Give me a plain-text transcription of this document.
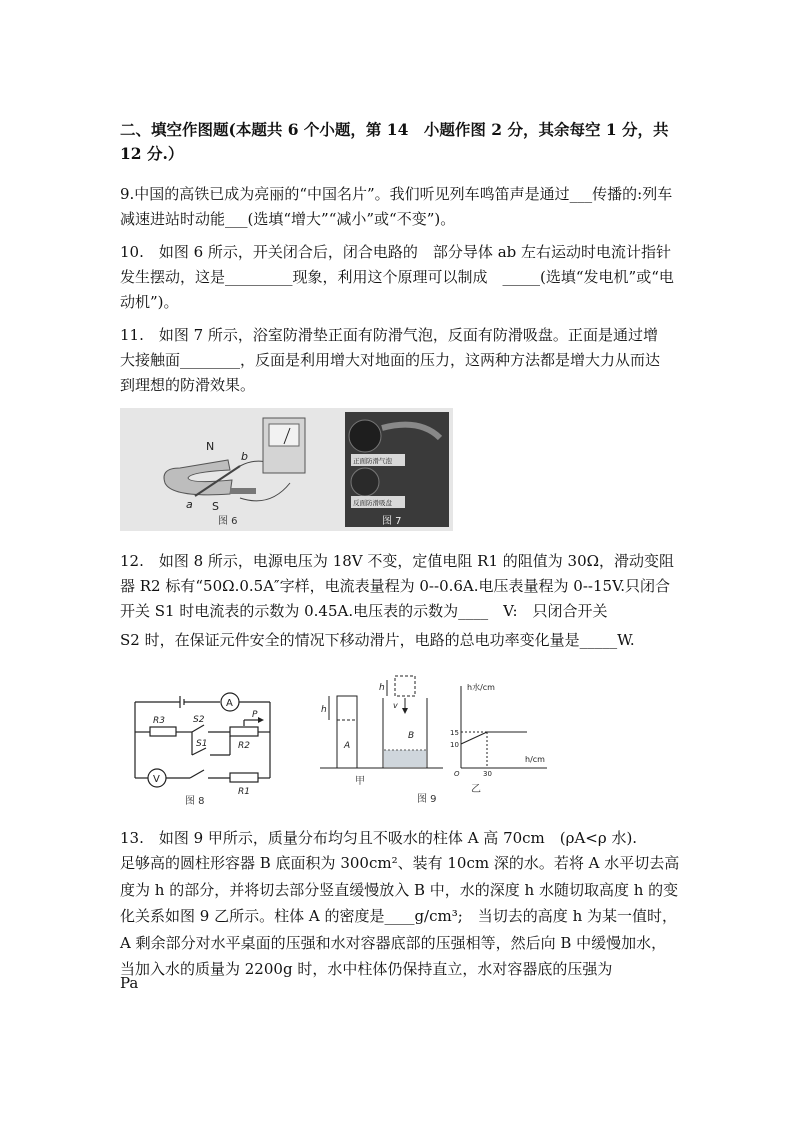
二、填空作图题(本题共 6 个小题，第 14　小题作图 2 分，其余每空 1 分，共 12 分.）
9.中国的高铁已成为亮丽的“中国名片”。我们听见列车鸣笛声是通过___传播的:列车减速进站时动能___(选填“增大”“减小”或“不变”)。
10.　如图 6 所示，开关闭合后，闭合电路的　部分导体 ab 左右运动时电流计指针发生摆动，这是_________现象，利用这个原理可以制成　_____(选填“发电机”或“电动机”)。
11.　如图 7 所示，浴室防滑垫正面有防滑气泡，反面有防滑吸盘。正面是通过增大接触面________，反面是利用增大对地面的压力，这两种方法都是增大力从而达到理想的防滑效果。
N
S
a
b
图 6
正面防滑气泡
反面防滑吸盘
图 7
12.　如图 8 所示，电源电压为 18V 不变，定值电阻 R1 的阻值为 30Ω，滑动变阻器 R2 标有“50Ω.0.5A″字样，电流表量程为 0--0.6A.电压表量程为 0--15V.只闭合开关 S1 时电流表的示数为 0.45A.电压表的示数为____　V:　只闭合开关
S2 时，在保证元件安全的情况下移动滑片，电路的总电功率变化量是_____W.
A
V
R3	S2	P
S1	R2
R1
图 8
h
h
A
B
v
甲
图 9
h水/cm
h/cm
15
10
30
O
乙
13.　如图 9 甲所示，质量分布均匀且不吸水的柱体 A 高 70cm　(ρA<ρ 水).
足够高的圆柱形容器 B 底面积为 300cm²、装有 10cm 深的水。若将 A 水平切去高度为 h 的部分，并将切去部分竖直缓慢放入 B 中，水的深度 h 水随切取高度 h 的变化关系如图 9 乙所示。柱体 A 的密度是____g/cm³;　当切去的高度 h 为某一值时，A 剩余部分对水平桌面的压强和水对容器底部的压强相等，然后向 B 中缓慢加水，当加入水的质量为 2200g 时，水中柱体仍保持直立，水对容器底的压强为
Pa
